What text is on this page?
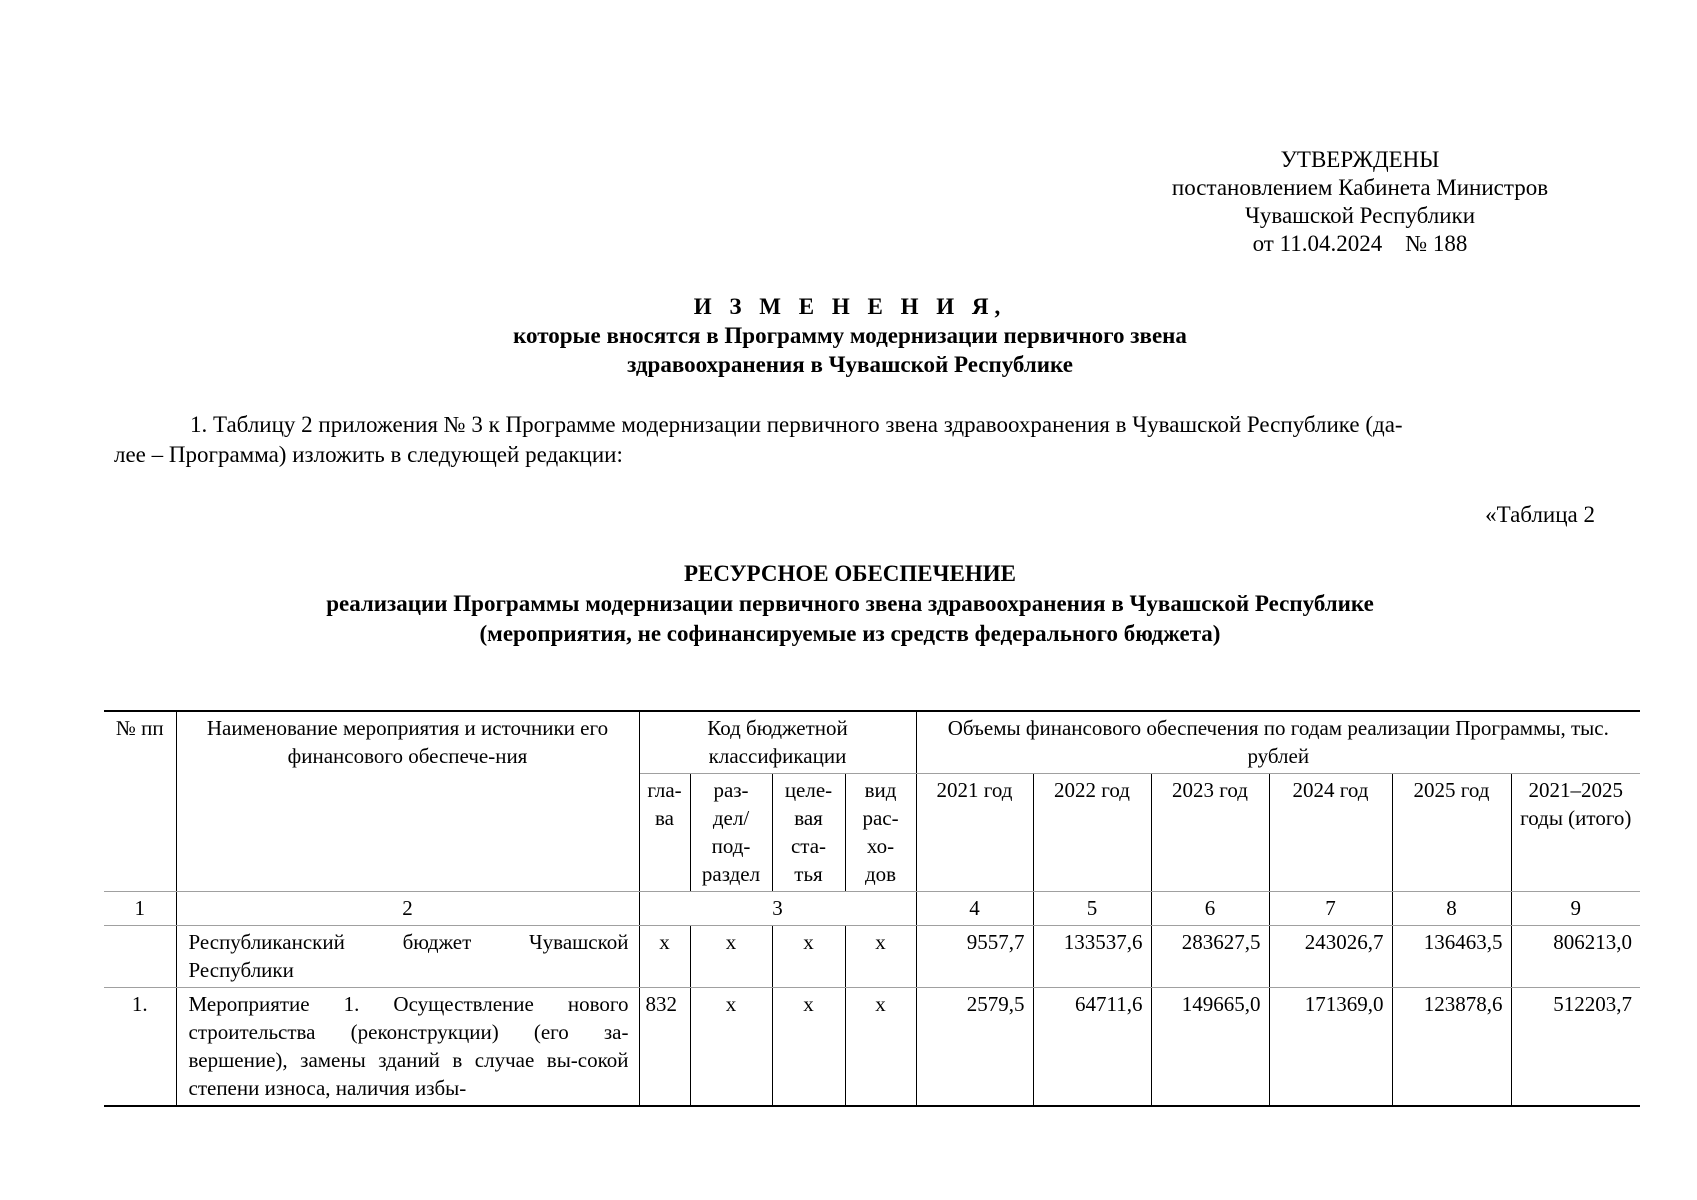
УТВЕРЖДЕНЫ
постановлением Кабинета Министров
Чувашской Республики
от 11.04.2024    № 188
И З М Е Н Е Н И Я,
которые вносятся в Программу модернизации первичного звена
здравоохранения в Чувашской Республике
1. Таблицу 2 приложения № 3 к Программе модернизации первичного звена здравоохранения в Чувашской Республике (да-
лее – Программа) изложить в следующей редакции:
«Таблица 2
РЕСУРСНОЕ ОБЕСПЕЧЕНИЕ
реализации Программы модернизации первичного звена здравоохранения в Чувашской Республике
(мероприятия, не софинансируемые из средств федерального бюджета)
№ пп	Наименование мероприятия и источники его финансового обеспече-ния	Код бюджетной классификации				Объемы финансового обеспечения по годам реализации Программы, тыс. рублей					
		гла-ва	раз-дел/ под-раздел	целе-вая ста-тья	вид рас-хо-дов	2021 год	2022 год	2023 год	2024 год	2025 год	2021–2025 годы (итого)
1	2	3				4	5	6	7	8	9
	Республиканский бюджет Чувашской Республики	x	x	x	x	9557,7	133537,6	283627,5	243026,7	136463,5	806213,0
1.	Мероприятие 1. Осуществление нового строительства (реконструкции) (его за-вершение), замены зданий в случае вы-сокой степени износа, наличия избы-	832	x	x	x	2579,5	64711,6	149665,0	171369,0	123878,6	512203,7
